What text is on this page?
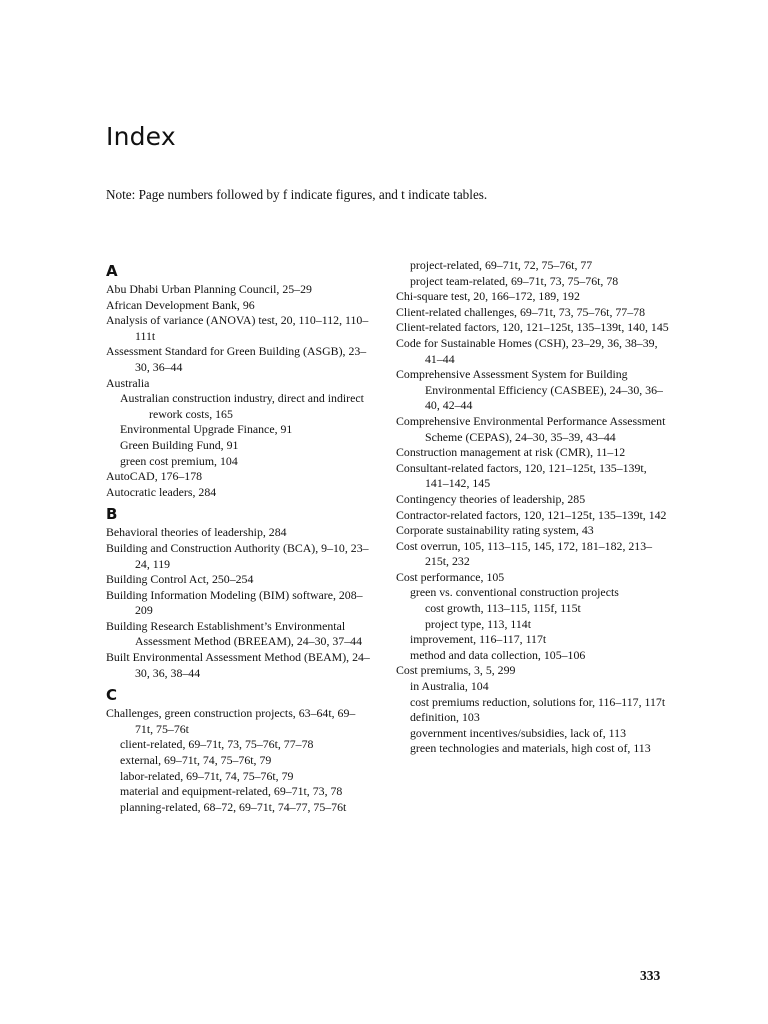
Index
Note: Page numbers followed by f indicate figures, and t indicate tables.
A
Abu Dhabi Urban Planning Council, 25–29
African Development Bank, 96
Analysis of variance (ANOVA) test, 20, 110–112, 110–111t
Assessment Standard for Green Building (ASGB), 23–30, 36–44
Australia
Australian construction industry, direct and indirect rework costs, 165
Environmental Upgrade Finance, 91
Green Building Fund, 91
green cost premium, 104
AutoCAD, 176–178
Autocratic leaders, 284
B
Behavioral theories of leadership, 284
Building and Construction Authority (BCA), 9–10, 23–24, 119
Building Control Act, 250–254
Building Information Modeling (BIM) software, 208–209
Building Research Establishment’s Environmental Assessment Method (BREEAM), 24–30, 37–44
Built Environmental Assessment Method (BEAM), 24–30, 36, 38–44
C
Challenges, green construction projects, 63–64t, 69–71t, 75–76t
client-related, 69–71t, 73, 75–76t, 77–78
external, 69–71t, 74, 75–76t, 79
labor-related, 69–71t, 74, 75–76t, 79
material and equipment-related, 69–71t, 73, 78
planning-related, 68–72, 69–71t, 74–77, 75–76t
project-related, 69–71t, 72, 75–76t, 77
project team-related, 69–71t, 73, 75–76t, 78
Chi-square test, 20, 166–172, 189, 192
Client-related challenges, 69–71t, 73, 75–76t, 77–78
Client-related factors, 120, 121–125t, 135–139t, 140, 145
Code for Sustainable Homes (CSH), 23–29, 36, 38–39, 41–44
Comprehensive Assessment System for Building Environmental Efficiency (CASBEE), 24–30, 36–40, 42–44
Comprehensive Environmental Performance Assessment Scheme (CEPAS), 24–30, 35–39, 43–44
Construction management at risk (CMR), 11–12
Consultant-related factors, 120, 121–125t, 135–139t, 141–142, 145
Contingency theories of leadership, 285
Contractor-related factors, 120, 121–125t, 135–139t, 142
Corporate sustainability rating system, 43
Cost overrun, 105, 113–115, 145, 172, 181–182, 213–215t, 232
Cost performance, 105
green vs. conventional construction projects
cost growth, 113–115, 115f, 115t
project type, 113, 114t
improvement, 116–117, 117t
method and data collection, 105–106
Cost premiums, 3, 5, 299
in Australia, 104
cost premiums reduction, solutions for, 116–117, 117t
definition, 103
government incentives/subsidies, lack of, 113
green technologies and materials, high cost of, 113
333
